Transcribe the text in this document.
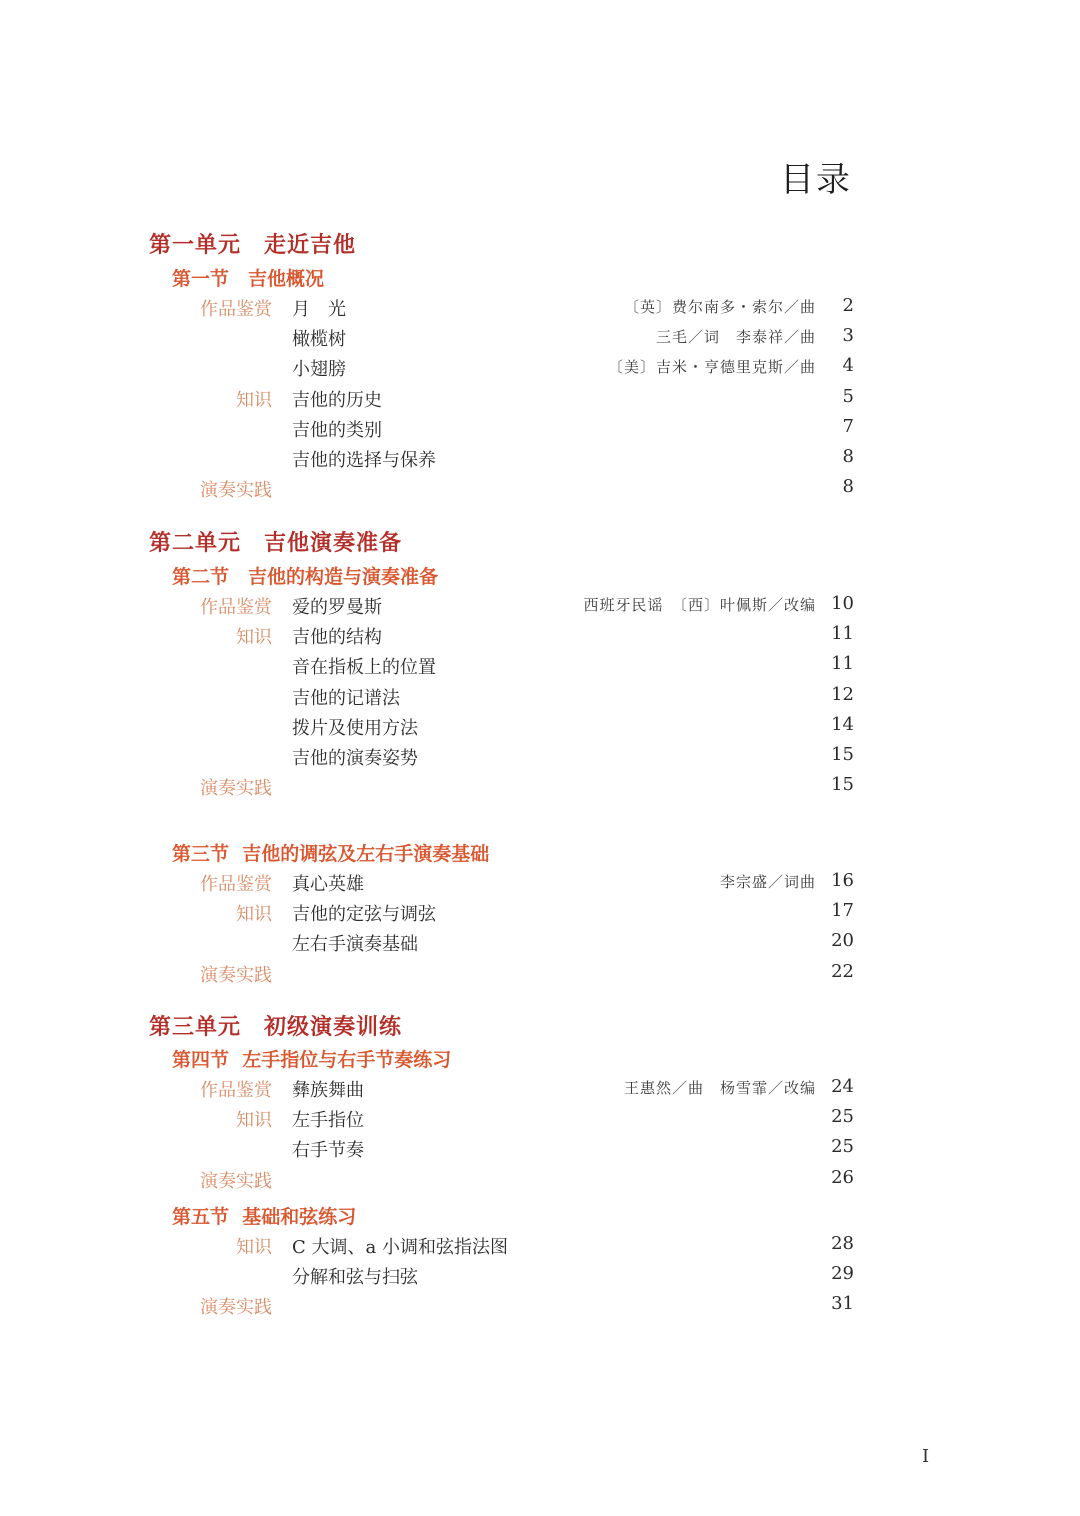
目录
第一单元　走近吉他
第一节　吉他概况
作品鉴赏 月　光	〔英〕费尔南多・索尔／曲 2
橄榄树	三毛／词　李泰祥／曲 3
小翅膀	〔美〕吉米・亨德里克斯／曲 4
知识 吉他的历史	5
吉他的类别	7
吉他的选择与保养	8
演奏实践	8
第二单元　吉他演奏准备
第二节　吉他的构造与演奏准备
作品鉴赏 爱的罗曼斯	西班牙民谣　〔西〕叶佩斯／改编 10
知识 吉他的结构	11
音在指板上的位置	11
吉他的记谱法	12
拨片及使用方法	14
吉他的演奏姿势	15
演奏实践	15
第三节  吉他的调弦及左右手演奏基础
作品鉴赏 真心英雄	李宗盛／词曲 16
知识 吉他的定弦与调弦	17
左右手演奏基础	20
演奏实践	22
第三单元　初级演奏训练
第四节  左手指位与右手节奏练习
作品鉴赏 彝族舞曲	王惠然／曲　杨雪霏／改编 24
知识 左手指位	25
右手节奏	25
演奏实践	26
第五节  基础和弦练习
知识 C 大调、a 小调和弦指法图	28
分解和弦与扫弦	29
演奏实践	31
I
